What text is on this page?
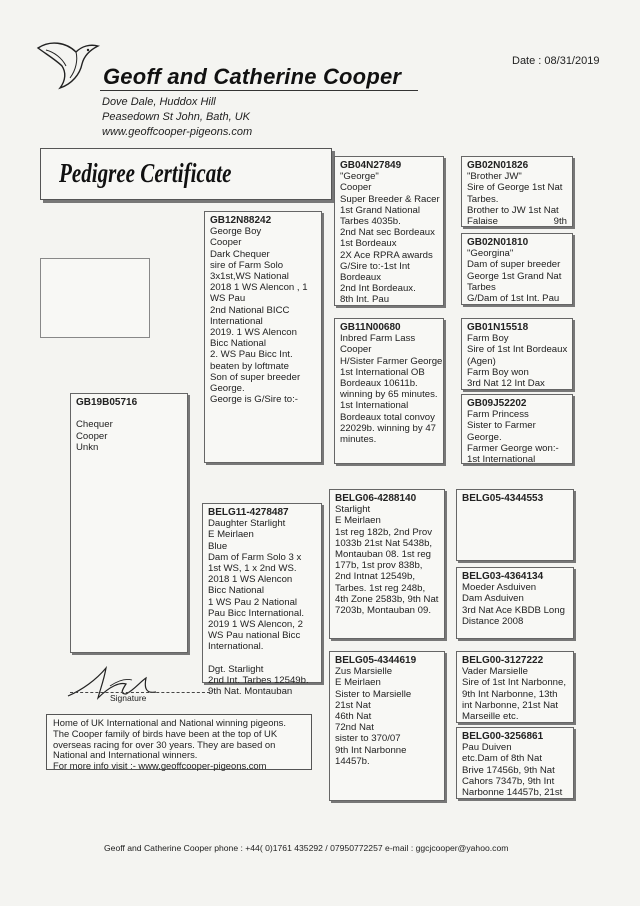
Geoff and Catherine Cooper
Dove Dale, Huddox Hill
Peasedown St John, Bath, UK
www.geoffcooper-pigeons.com
Date : 08/31/2019
Pedigree Certificate
GB19B05716

Chequer
Cooper
Unkn
GB12N88242
George Boy
Cooper
Dark Chequer
sire of Farm Solo
3x1st,WS National
2018 1 WS Alencon , 1
WS Pau
2nd National BICC
International
2019. 1 WS Alencon
Bicc National
2. WS Pau Bicc Int.
beaten by loftmate
Son of super breeder
George.
George is G/Sire to:-
BELG11-4278487
Daughter Starlight
E Meirlaen
Blue
Dam of Farm Solo 3 x
1st WS, 1 x 2nd WS.
2018 1 WS Alencon
Bicc National
1 WS Pau 2 National
Pau Bicc International.
2019 1 WS Alencon, 2
WS Pau national Bicc
International.

Dgt. Starlight
2nd Int. Tarbes 12549b.
9th Nat. Montauban
GB04N27849
"George"
Cooper
Super Breeder & Racer
1st Grand National
Tarbes 4035b.
2nd Nat sec Bordeaux
1st Bordeaux
2X Ace RPRA awards
G/Sire to:-1st Int
Bordeaux
2nd Int Bordeaux.
8th Int. Pau
GB11N00680
Inbred Farm Lass
Cooper
H/Sister Farmer George
1st International OB
Bordeaux 10611b.
winning by 65 minutes.
1st International
Bordeaux total convoy
22029b. winning by 47
minutes.
BELG06-4288140
Starlight
E Meirlaen
1st reg 182b, 2nd Prov
1033b 21st Nat 5438b,
Montauban 08. 1st reg
177b, 1st prov 838b,
2nd Intnat 12549b,
Tarbes. 1st reg 248b,
4th Zone 2583b, 9th Nat
7203b, Montauban 09.
BELG05-4344619
Zus Marsielle
E Meirlaen
Sister to Marsielle
21st Nat
46th Nat
72nd Nat
sister to 370/07
9th Int Narbonne
14457b.
GB02N01826
"Brother JW"
Sire of George 1st Nat
Tarbes.
Brother to JW 1st Nat
Falaise	9th
GB02N01810
"Georgina"
Dam of super breeder
George 1st Grand Nat
Tarbes
G/Dam of 1st Int. Pau
GB01N15518
Farm Boy
Sire of 1st Int Bordeaux
(Agen)
Farm Boy won
3rd Nat 12 Int Dax
GB09J52202
Farm Princess
Sister to Farmer
George.
Farmer George won:-
1st International
BELG05-4344553
BELG03-4364134
Moeder Asduiven
Dam Asduiven
3rd Nat Ace KBDB Long
Distance 2008
BELG00-3127222
Vader Marsielle
Sire of 1st Int Narbonne,
9th Int Narbonne, 13th
int Narbonne, 21st Nat
Marseille etc.
BELG00-3256861
Pau Duiven
etc.Dam of 8th Nat
Brive 17456b, 9th Nat
Cahors 7347b, 9th Int
Narbonne 14457b, 21st
Signature
Home of UK International and National winning pigeons.
The Cooper family of birds have been at the top of UK
overseas racing for over 30 years. They are based on
National and International winners.
For more info visit :- www.geoffcooper-pigeons.com
Geoff and Catherine Cooper phone : +44( 0)1761 435292 / 07950772257 e-mail : ggcjcooper@yahoo.com
